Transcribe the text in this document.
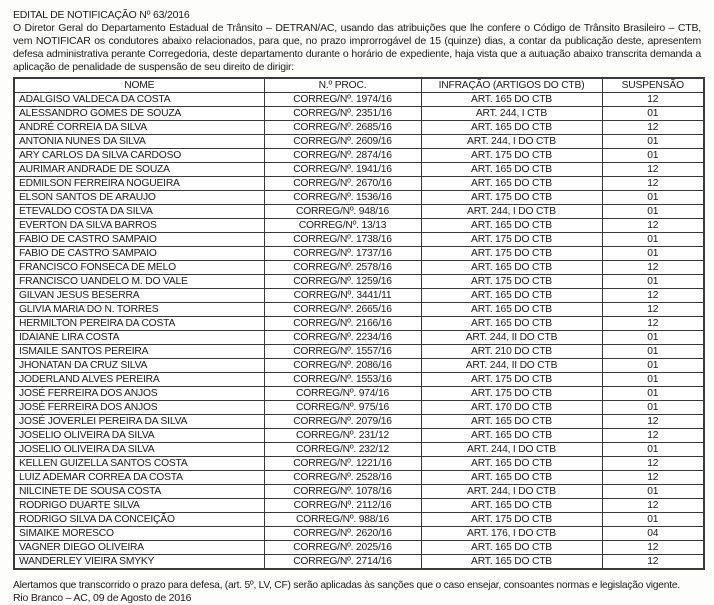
EDITAL DE NOTIFICAÇÃO Nº 63/2016

O Diretor Geral do Departamento Estadual de Trânsito – DETRAN/AC, usando das atribuições que lhe confere o Código de Trânsito Brasileiro – CTB, vem NOTIFICAR os condutores abaixo relacionados, para que, no prazo improrrogável de 15 (quinze) dias, a contar da publicação deste, apresentem defesa administrativa perante Corregedoria, deste departamento durante o horário de expediente, haja vista que a autuação abaixo transcrita demanda a aplicação de penalidade de suspensão de seu direito de dirigir:

NOME	N.º PROC.	INFRAÇÃO (ARTIGOS DO CTB)	SUSPENSÃO
ADALGISO VALDECA DA COSTA	CORREG/Nº. 1974/16	ART. 165 DO CTB	12
ALESSANDRO GOMES DE SOUZA	CORREG/Nº. 2351/16	ART. 244, I CTB	01
ANDRÉ CORREIA DA SILVA	CORREG/Nº. 2685/16	ART. 165 DO CTB	12
ANTONIA NUNES DA SILVA	CORREG/Nº. 2609/16	ART. 244, I DO CTB	01
ARY CARLOS DA SILVA CARDOSO	CORREG/Nº. 2874/16	ART. 175 DO CTB	01
AURIMAR ANDRADE DE SOUZA	CORREG/Nº. 1941/16	ART. 165 DO CTB	12
EDMILSON FERREIRA NOGUEIRA	CORREG/Nº. 2670/16	ART. 165 DO CTB	12
ELSON SANTOS DE ARAUJO	CORREG/Nº. 1536/16	ART. 175 DO CTB	01
ETEVALDO COSTA DA SILVA	CORREG/Nº. 948/16	ART. 244, I DO CTB	01
EVERTON DA SILVA BARROS	CORREG/Nº. 13/13	ART. 165 DO CTB	12
FABIO DE CASTRO SAMPAIO	CORREG/Nº. 1738/16	ART. 175 DO CTB	01
FABIO DE CASTRO SAMPAIO	CORREG/Nº. 1737/16	ART. 175 DO CTB	01
FRANCISCO FONSECA DE MELO	CORREG/Nº. 2578/16	ART. 165 DO CTB	12
FRANCISCO UANDELO M. DO VALE	CORREG/Nº. 1259/16	ART. 175 DO CTB	01
GILVAN JESUS BESERRA	CORREG/Nº. 3441/11	ART. 165 DO CTB	12
GLIVIA MARIA DO N. TORRES	CORREG/Nº. 2665/16	ART. 165 DO CTB	12
HERMILTON PEREIRA DA COSTA	CORREG/Nº. 2166/16	ART. 165 DO CTB	12
IDAIANE LIRA COSTA	CORREG/Nº. 2234/16	ART. 244, II DO CTB	01
ISMAILE SANTOS PEREIRA	CORREG/Nº. 1557/16	ART. 210 DO CTB	01
JHONATAN DA CRUZ SILVA	CORREG/Nº. 2086/16	ART. 244, II DO CTB	01
JODERLAND ALVES PEREIRA	CORREG/Nº. 1553/16	ART. 175 DO CTB	01
JOSÉ FERREIRA DOS ANJOS	CORREG/Nº. 974/16	ART. 175 DO CTB	01
JOSÉ FERREIRA DOS ANJOS	CORREG/Nº. 975/16	ART. 170 DO CTB	01
JOSÉ JOVERLEI PEREIRA DA SILVA	CORREG/Nº. 2079/16	ART. 165 DO CTB	12
JOSELIO OLIVEIRA DA SILVA	CORREG/Nº. 231/12	ART. 165 DO CTB	12
JOSELIO OLIVEIRA DA SILVA	CORREG/Nº. 232/12	ART. 244, I DO CTB	01
KELLEN GUIZELLA SANTOS COSTA	CORREG/Nº. 1221/16	ART. 165 DO CTB	12
LUIZ ADEMAR CORREA DA COSTA	CORREG/Nº. 2528/16	ART. 165 DO CTB	12
NILCINETE DE SOUSA COSTA	CORREG/Nº. 1078/16	ART. 244, I DO CTB	01
RODRIGO DUARTE SILVA	CORREG/Nº. 2112/16	ART. 165 DO CTB	12
RODRIGO SILVA DA CONCEIÇÃO	CORREG/Nº. 988/16	ART. 175 DO CTB	01
SIMAIKE MORESCO	CORREG/Nº. 2620/16	ART. 176, I DO CTB	04
VAGNER DIEGO OLIVEIRA	CORREG/Nº. 2025/16	ART. 165 DO CTB	12
WANDERLEY VIEIRA SMYKY	CORREG/Nº. 2714/16	ART. 165 DO CTB	12

Alertamos que transcorrido o prazo para defesa, (art. 5º, LV, CF) serão aplicadas às sanções que o caso ensejar, consoantes normas e legislação vigente.

Rio Branco – AC, 09 de Agosto de 2016
